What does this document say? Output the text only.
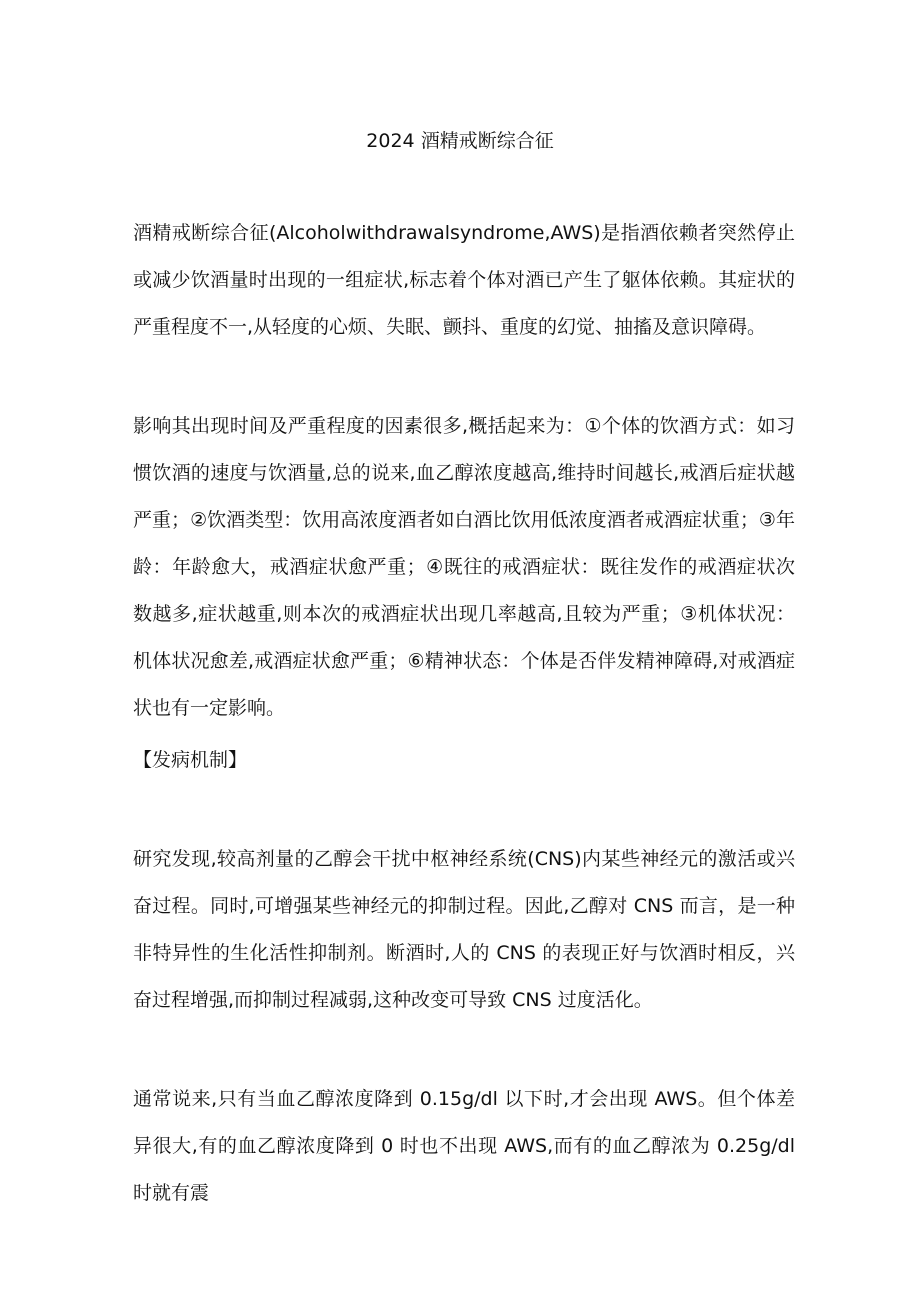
2024 酒精戒断综合征

酒精戒断综合征(Alcoholwithdrawalsyndrome,AWS)是指酒依赖者突然停止或减少饮酒量时出现的一组症状,标志着个体对酒已产生了躯体依赖。其症状的严重程度不一,从轻度的心烦、失眠、颤抖、重度的幻觉、抽搐及意识障碍。

影响其出现时间及严重程度的因素很多,概括起来为：①个体的饮酒方式：如习惯饮酒的速度与饮酒量,总的说来,血乙醇浓度越高,维持时间越长,戒酒后症状越严重；②饮酒类型：饮用高浓度酒者如白酒比饮用低浓度酒者戒酒症状重；③年龄：年龄愈大，戒酒症状愈严重；④既往的戒酒症状：既往发作的戒酒症状次数越多,症状越重,则本次的戒酒症状出现几率越高,且较为严重；③机体状况：机体状况愈差,戒酒症状愈严重；⑥精神状态：个体是否伴发精神障碍,对戒酒症状也有一定影响。

【发病机制】

研究发现,较高剂量的乙醇会干扰中枢神经系统(CNS)内某些神经元的激活或兴奋过程。同时,可增强某些神经元的抑制过程。因此,乙醇对 CNS 而言，是一种非特异性的生化活性抑制剂。断酒时,人的 CNS 的表现正好与饮酒时相反，兴奋过程增强,而抑制过程减弱,这种改变可导致 CNS 过度活化。

通常说来,只有当血乙醇浓度降到 0.15g/dl 以下时,才会出现 AWS。但个体差异很大,有的血乙醇浓度降到 0 时也不出现 AWS,而有的血乙醇浓为 0.25g/dl 时就有震
